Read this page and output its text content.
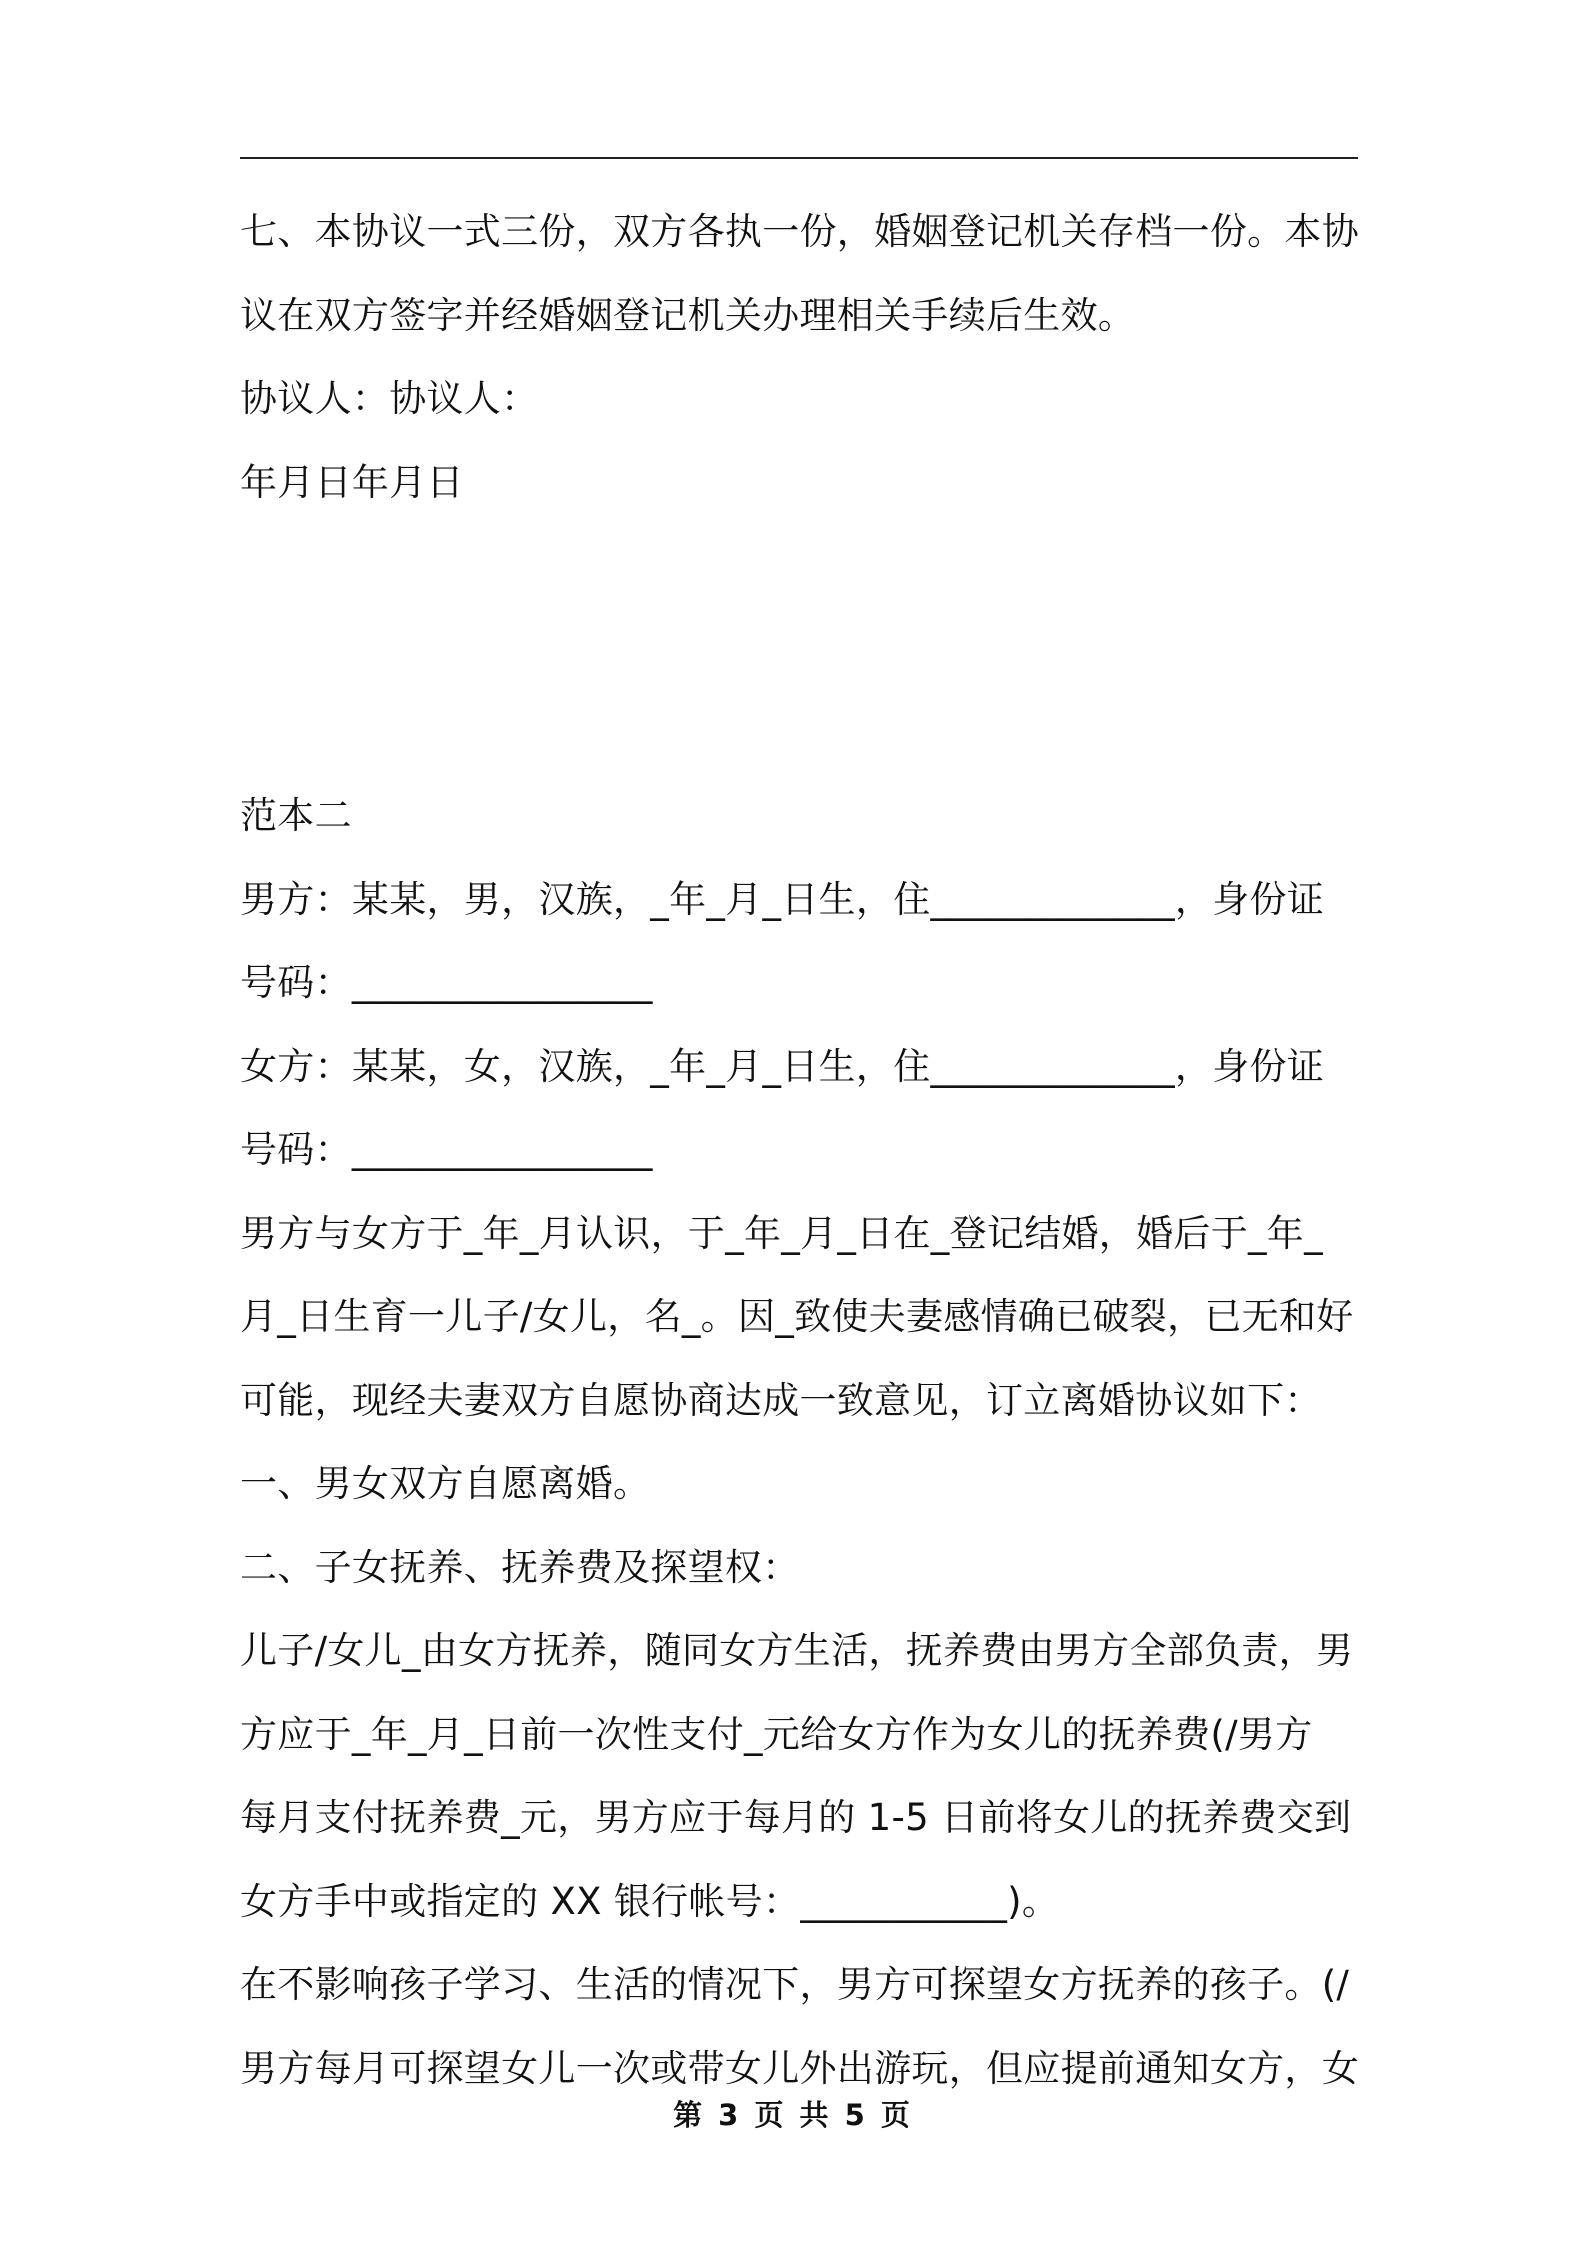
七、本协议一式三份，双方各执一份，婚姻登记机关存档一份。本协
议在双方签字并经婚姻登记机关办理相关手续后生效。
协议人：协议人：
年月日年月日
范本二
男方：某某，男，汉族，_年_月_日生，住_____________，身份证
号码：________________
女方：某某，女，汉族，_年_月_日生，住_____________，身份证
号码：________________
男方与女方于_年_月认识，于_年_月_日在_登记结婚，婚后于_年_
月_日生育一儿子/女儿，名_。因_致使夫妻感情确已破裂，已无和好
可能，现经夫妻双方自愿协商达成一致意见，订立离婚协议如下：
一、男女双方自愿离婚。
二、子女抚养、抚养费及探望权：
儿子/女儿_由女方抚养，随同女方生活，抚养费由男方全部负责，男
方应于_年_月_日前一次性支付_元给女方作为女儿的抚养费(/男方
每月支付抚养费_元，男方应于每月的 1-5 日前将女儿的抚养费交到
女方手中或指定的 XX 银行帐号：___________)。
在不影响孩子学习、生活的情况下，男方可探望女方抚养的孩子。(/
男方每月可探望女儿一次或带女儿外出游玩，但应提前通知女方，女
第 3 页 共 5 页
